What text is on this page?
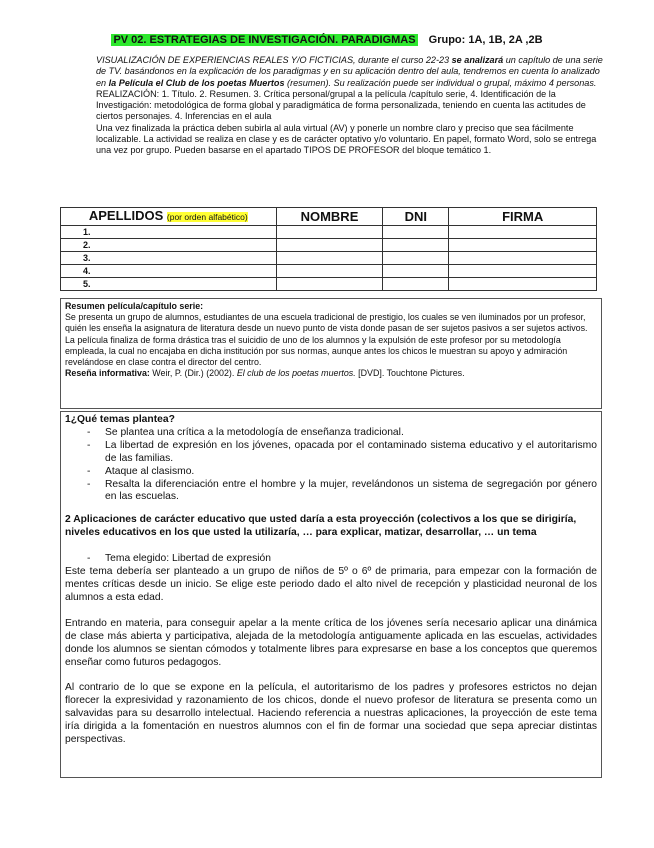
PV 02. ESTRATEGIAS DE INVESTIGACIÓN. PARADIGMAS Grupo: 1A, 1B, 2A ,2B

VISUALIZACIÓN DE EXPERIENCIAS REALES Y/O FICTICIAS, durante el curso 22-23 se analizará un capítulo de una serie de TV. basándonos en la explicación de los paradigmas y en su aplicación dentro del aula, tendremos en cuenta lo analizado en la Película el Club de los poetas Muertos (resumen). Su realización puede ser individual o grupal, máximo 4 personas.

REALIZACIÓN: 1. Título. 2. Resumen. 3. Crítica personal/grupal a la película /capítulo serie, 4. Identificación de la Investigación: metodológica de forma global y paradigmática de forma personalizada, teniendo en cuenta las actitudes de ciertos personajes. 4. Inferencias en el aula

Una vez finalizada la práctica deben subirla al aula virtual (AV) y ponerle un nombre claro y preciso que sea fácilmente localizable. La actividad se realiza en clase y es de carácter optativo y/o voluntario. En papel, formato Word, solo se entrega una vez por grupo. Pueden basarse en el apartado TIPOS DE PROFESOR del bloque temático 1.

APELLIDOS (por orden alfabético)	NOMBRE	DNI	FIRMA
1.			
2.			
3.			
4.			
5.			

Resumen película/capítulo serie:

Se presenta un grupo de alumnos, estudiantes de una escuela tradicional de prestigio, los cuales se ven iluminados por un profesor, quién les enseña la asignatura de literatura desde un nuevo punto de vista donde pasan de ser sujetos pasivos a ser sujetos activos. La película finaliza de forma drástica tras el suicidio de uno de los alumnos y la expulsión de este profesor por su metodología empleada, la cual no encajaba en dicha institución por sus normas, aunque antes los chicos le muestran su apoyo y admiración revelándose en clase contra el director del centro.

Reseña informativa: Weir, P. (Dir.) (2002). El club de los poetas muertos. [DVD]. Touchtone Pictures.

1¿Qué temas plantea?

- Se plantea una crítica a la metodología de enseñanza tradicional.
- La libertad de expresión en los jóvenes, opacada por el contaminado sistema educativo y el autoritarismo de las familias.
- Ataque al clasismo.
- Resalta la diferenciación entre el hombre y la mujer, revelándonos un sistema de segregación por género en las escuelas.

2 Aplicaciones de carácter educativo que usted daría a esta proyección (colectivos a los que se dirigiría, niveles educativos en los que usted la utilizaría, … para explicar, matizar, desarrollar, … un tema

- Tema elegido: Libertad de expresión

Este tema debería ser planteado a un grupo de niños de 5º o 6º de primaria, para empezar con la formación de mentes críticas desde un inicio. Se elige este periodo dado el alto nivel de recepción y plasticidad neuronal de los alumnos a esta edad.

Entrando en materia, para conseguir apelar a la mente crítica de los jóvenes sería necesario aplicar una dinámica de clase más abierta y participativa, alejada de la metodología antiguamente aplicada en las escuelas, actividades donde los alumnos se sientan cómodos y totalmente libres para expresarse en base a los conceptos que queremos enseñar como futuros pedagogos.

Al contrario de lo que se expone en la película, el autoritarismo de los padres y profesores estrictos no dejan florecer la expresividad y razonamiento de los chicos, donde el nuevo profesor de literatura se presenta como un salvavidas para su desarrollo intelectual. Haciendo referencia a nuestras aplicaciones, la proyección de este tema iría dirigida a la fomentación en nuestros alumnos con el fin de formar una sociedad que sepa apreciar distintas perspectivas.
